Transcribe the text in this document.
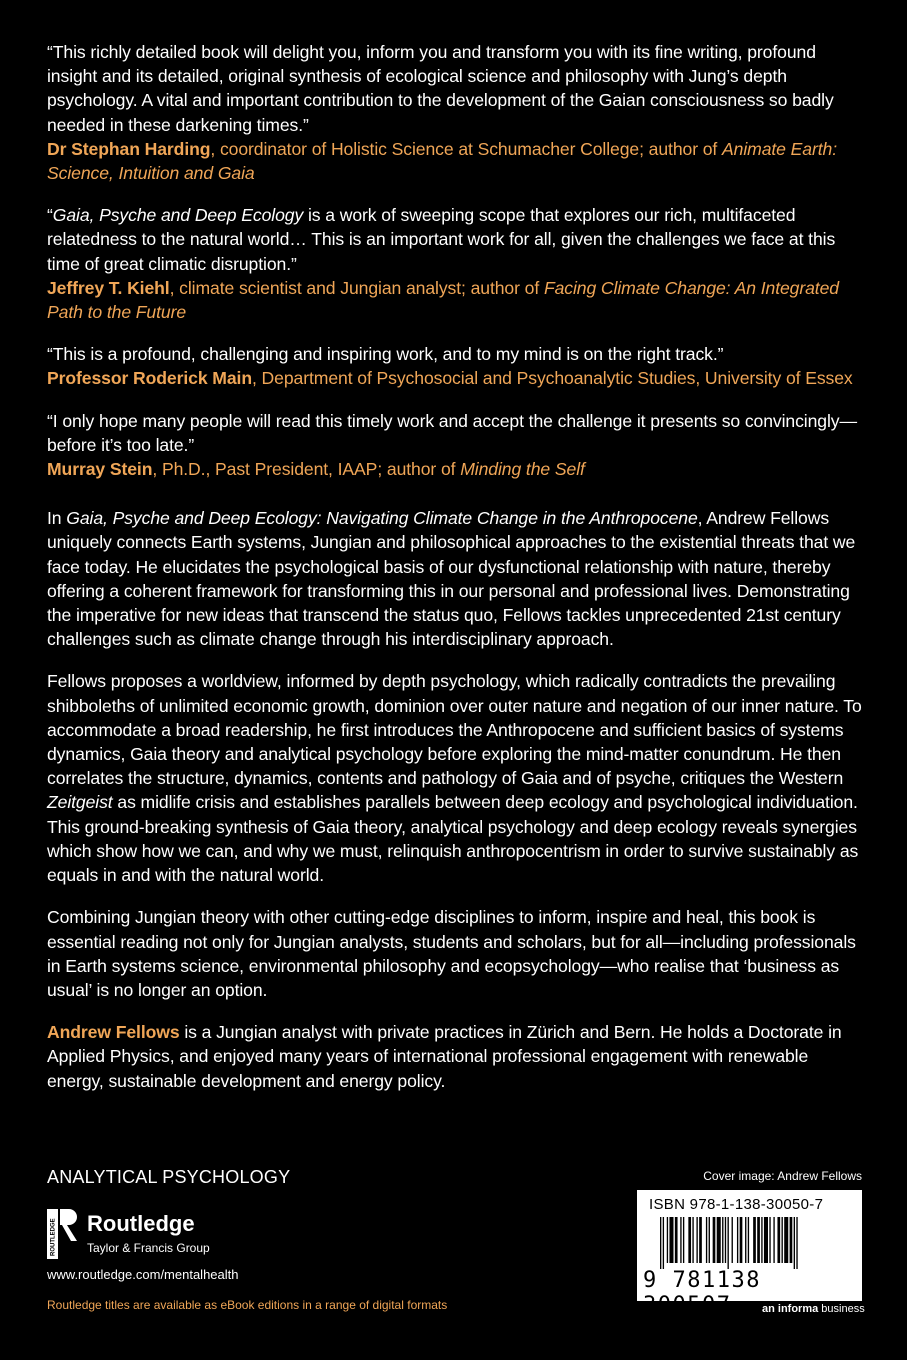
“This richly detailed book will delight you, inform you and transform you with its fine writing, profound insight and its detailed, original synthesis of ecological science and philosophy with Jung’s depth psychology. A vital and important contribution to the development of the Gaian consciousness so badly needed in these darkening times.”
Dr Stephan Harding, coordinator of Holistic Science at Schumacher College; author of Animate Earth: Science, Intuition and Gaia

“Gaia, Psyche and Deep Ecology is a work of sweeping scope that explores our rich, multifaceted relatedness to the natural world… This is an important work for all, given the challenges we face at this time of great climatic disruption.”
Jeffrey T. Kiehl, climate scientist and Jungian analyst; author of Facing Climate Change: An Integrated Path to the Future

“This is a profound, challenging and inspiring work, and to my mind is on the right track.”
Professor Roderick Main, Department of Psychosocial and Psychoanalytic Studies, University of Essex

“I only hope many people will read this timely work and accept the challenge it presents so convincingly—before it’s too late.”
Murray Stein, Ph.D., Past President, IAAP; author of Minding the Self

In Gaia, Psyche and Deep Ecology: Navigating Climate Change in the Anthropocene, Andrew Fellows uniquely connects Earth systems, Jungian and philosophical approaches to the existential threats that we face today. He elucidates the psychological basis of our dysfunctional relationship with nature, thereby offering a coherent framework for transforming this in our personal and professional lives. Demonstrating the imperative for new ideas that transcend the status quo, Fellows tackles unprecedented 21st century challenges such as climate change through his interdisciplinary approach.

Fellows proposes a worldview, informed by depth psychology, which radically contradicts the prevailing shibboleths of unlimited economic growth, dominion over outer nature and negation of our inner nature. To accommodate a broad readership, he first introduces the Anthropocene and sufficient basics of systems dynamics, Gaia theory and analytical psychology before exploring the mind-matter conundrum. He then correlates the structure, dynamics, contents and pathology of Gaia and of psyche, critiques the Western Zeitgeist as midlife crisis and establishes parallels between deep ecology and psychological individuation. This ground-breaking synthesis of Gaia theory, analytical psychology and deep ecology reveals synergies which show how we can, and why we must, relinquish anthropocentrism in order to survive sustainably as equals in and with the natural world.

Combining Jungian theory with other cutting-edge disciplines to inform, inspire and heal, this book is essential reading not only for Jungian analysts, students and scholars, but for all—including professionals in Earth systems science, environmental philosophy and ecopsychology—who realise that ‘business as usual’ is no longer an option.

Andrew Fellows is a Jungian analyst with private practices in Zürich and Bern. He holds a Doctorate in Applied Physics, and enjoyed many years of international professional engagement with renewable energy, sustainable development and energy policy.

ANALYTICAL PSYCHOLOGY
ROUTLEDGE Routledge
Taylor & Francis Group
www.routledge.com/mentalhealth
Routledge titles are available as eBook editions in a range of digital formats
Cover image: Andrew Fellows
ISBN 978-1-138-30050-7
9 781138 300507	an informa business
